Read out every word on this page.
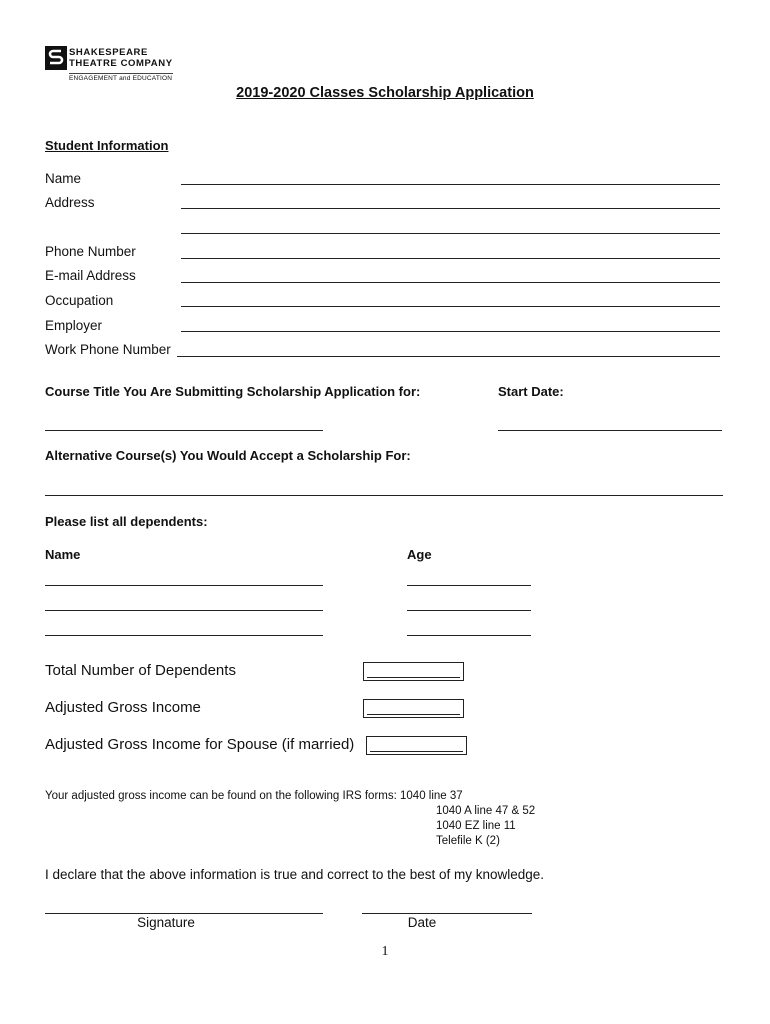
SHAKESPEARE
THEATRE COMPANY
ENGAGEMENT and EDUCATION
2019-2020 Classes Scholarship Application
Student Information
Name
Address
Phone Number
E-mail Address
Occupation
Employer
Work Phone Number
Course Title You Are Submitting Scholarship Application for:	Start Date:
Alternative Course(s) You Would Accept a Scholarship For:
Please list all dependents:
Name	Age
Total Number of Dependents
Adjusted Gross Income
Adjusted Gross Income for Spouse (if married)
Your adjusted gross income can be found on the following IRS forms: 1040 line 37
1040 A line 47 & 52
1040 EZ line 11
Telefile K (2)
I declare that the above information is true and correct to the best of my knowledge.
Signature	Date
1
